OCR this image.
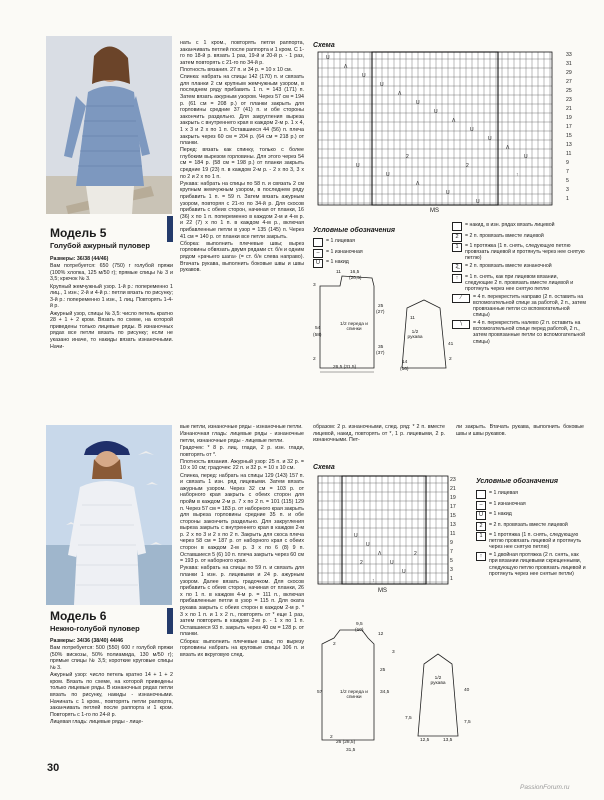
Модель 5
Голубой ажурный пуловер

Размеры: 36/38 (44/46)

Вам потребуется: 650 (750) г голубой пряжи (100% хлопка, 125 м/50 г); прямые спицы № 3 и 3,5; крючок № 3.

Крупный жемчужный узор. 1-й р.: попеременно 1 лиц., 1 изн.; 2-й и 4-й р.: петли вязать по рисунку; 3-й р.: попеременно 1 изн., 1 лиц. Повторять 1-4-й р.

Ажурный узор, спицы № 3,5: число петель кратно 28 + 1 + 2 кром. Вязать по схеме, на которой приведены только лицевые ряды. В изнаночных рядах все петли вязать по рисунку; если не указано иначе, то накиды вязать изнаночными. Начи-

нать с 1 кром., повторять петли раппорта, заканчивать петлей после раппорта и 1 кром. С 1-го по 18-й р. вязать 1 раз, 19-й и 20-й р. - 1 раз, затем повторять с 21-го по 34-й р.

Плотность вязания. 27 п. и 34 р. = 10 х 10 см.

Спинка: набрать на спицы 142 (170) п. и связать для планки 2 см крупным жемчужным узором, в последнем ряду прибавить 1 п. = 143 (171) п. Затем вязать ажурным узором. Через 57 см = 194 р. (61 см = 208 р.) от планки закрыть для горловины средние 37 (41) п. и обе стороны закончить раздельно. Для закругления выреза закрыть с внутреннего края в каждом 2-м р. 1 х 4, 1 х 3 и 2 х по 1 п. Оставшиеся 44 (56) п. плеча закрыть через 60 см = 204 р. (64 см = 218 р.) от планки.

Перед: вязать как спинку, только с более глубоким вырезом горловины. Для этого через 54 см = 184 р. (58 см = 198 р.) от планки закрыть средние 19 (23) п. в каждом 2-м р. - 2 х по 3, 3 х по 2 и 2 х по 1 п.

Рукава: набрать на спицы по 58 п. и связать 2 см крупным жемчужным узором, в последнем ряду прибавить 1 п. = 59 п. Затем вязать ажурным узором, повторяя с 21-го по 34-й р. Для скосов прибавить с обеих сторон, начиная от планки, 16 (36) х по 1 п. попеременно в каждом 2-м и 4-м р. и 22 (7) х по 1 п. в каждом 4-м р., включая прибавленные петли в узор = 135 (145) п. Через 41 см = 140 р. от планки все петли закрыть.

Сборка: выполнить плечевые швы; вырез горловины обвязать двумя рядами ст. б/н и одним рядом «рачьего шага» (= ст. б/н слева направо). Втачать рукава, выполнить боковые швы и швы рукавов.

Схема
U
Λ
U
U
Λ
U
U
Λ
U
U
Λ
U
U
U
Λ
U
U
↑
2
2
33
31
29
27
25
23
21
19
17
15
13
11
9
7
5
3
1
MS
Условные обозначения
= 1 лицевая
–	= 1 изнаночная
U	= 1 накид
⌒	= накид, в изн. рядах вязать лицевой
2	= 2 п. провязать вместе лицевой
1	= 1 протяжка (1 п. снять, следующую петлю провязать лицевой и протянуть через нее снятую петлю)
2̲	= 2 п. провязать вместе изнаночной
↑	= 1 п. снять, как при лицевом вязании, следующие 2 п. провязать вместе лицевой и протянуть через нее снятую петлю
⁄	= 4 п. перекрестить направо (2 п. оставить на вспомогательной спице за работой, 2 п., затем провязанные петли со вспомогательной спицы)
∖	= 4 п. перекрестить налево (2 п. оставить на вспомогательной спице перед работой, 2 п., затем провязанные петли со вспомогательной спицы)
11 16,5
(20,5)
3
25
(27)
54
(58)
35
(37)
2
26,5 (31,5)
14
(16)
11
41
2
1/2 переда и спинки
1/2 рукава
Модель 6
Нежно-голубой пуловер

Размеры: 34/36 (38/40) 44/46

Вам потребуется: 500 (550) 600 г голубой пряжи (50% вискозы, 50% полиамида, 130 м/50 г); прямые спицы № 3,5; короткие круговые спицы № 3.

Ажурный узор: число петель кратно 14 + 1 + 2 кром. Вязать по схеме, на которой приведены только лицевые ряды. В изнаночных рядах петли вязать по рисунку, накиды - изнаночными. Начинать с 1 кром., повторять петли раппорта, заканчивать петлей после раппорта и 1 кром. Повторять с 1-го по 24-й р.

Лицевая гладь: лицевые ряды - лице-

вые петли, изнаночные ряды - изнаночные петли.

Изнаночная гладь: лицевые ряды - изнаночные петли, изнаночные ряды - лицевые петли.

Градочек: * 8 р. лиц. глади, 2 р. изн. глади, повторять от *.

Плотность вязания. Ажурный узор: 25 п. и 32 р. = 10 х 10 см; градочек: 22 п. и 32 р. = 10 х 10 см.

Спинка, перед: набрать на спицы 129 (143) 157 п. и связать 1 изн. ряд лицевыми. Затем вязать ажурным узором. Через 32 см = 103 р. от наборного края закрыть с обеих сторон для пройм в каждом 2-м р. 7 х по 2 п. = 101 (115) 129 п. Через 57 см = 183 р. от наборного края закрыть для выреза горловины средние 35 п. и обе стороны закончить раздельно. Для закругления выреза закрыть с внутреннего края в каждом 2-м р. 2 х по 3 и 2 х по 2 п. Закрыть для скоса плеча через 58 см = 187 р. от наборного края с обеих сторон в каждом 2-м р. 3 х по 6 (8) 9 п. Оставшиеся 5 (6) 10 п. плеча закрыть через 60 см = 193 р. от наборного края.

Рукава: набрать на спицы по 59 п. и связать для планки 1 изн. р. лицевыми и 24 р. ажурным узором. Далее вязать градочком. Для скосов прибавить с обеих сторон, начиная от планки, 26 х по 1 п. в каждом 4-м р. = 111 п., включая прибавленные петли в узор = 115 п. Для оката рукава закрыть с обеих сторон в каждом 2-м р. * 3 х по 1 п. и 1 х 2 п., повторять от * еще 1 раз, затем повторить в каждом 2-м р. - 1 х по 1 п. Оставшиеся 93 п. закрыть через 40 см = 128 р. от планки.

Сборка: выполнить плечевые швы; по вырезу горловины набрать на круговые спицы 106 п. и вязать их вкруговую след.

образом: 2 р. изнаночными, след. ряд: * 2 п. вместе лицевой, накид, повторять от *, 1 р. лицевыми, 2 р. изнаночными. Пет-
ли закрыть. Втачать рукава, выполнить боковые швы и швы рукавов.
Схема
U
U
Λ
U
U
↑
2
2
23
21
19
17
15
13
11
9
7
5
3
1
MS
Условные обозначения
= 1 лицевая
–	= 1 изнаночная
U	= 1 накид
2	= 2 п. провязать вместе лицевой
1	= 1 протяжка (1 п. снять, следующую петлю провязать лицевой и протянуть через нее снятую петлю)
↑	= 1 двойная протяжка (2 п. снять, как при вязании лицевыми скрещенными, следующую петлю провязать лицевой и протянуть через нее снятые петли)
9,5
(10)
12
2
3
57
25
2
26 (28,5)
31,5
1/2 переда и спинки
34,5
7,5
40
12,5	13,5
7,5
1/2 рукава
30
PassionForum.ru
